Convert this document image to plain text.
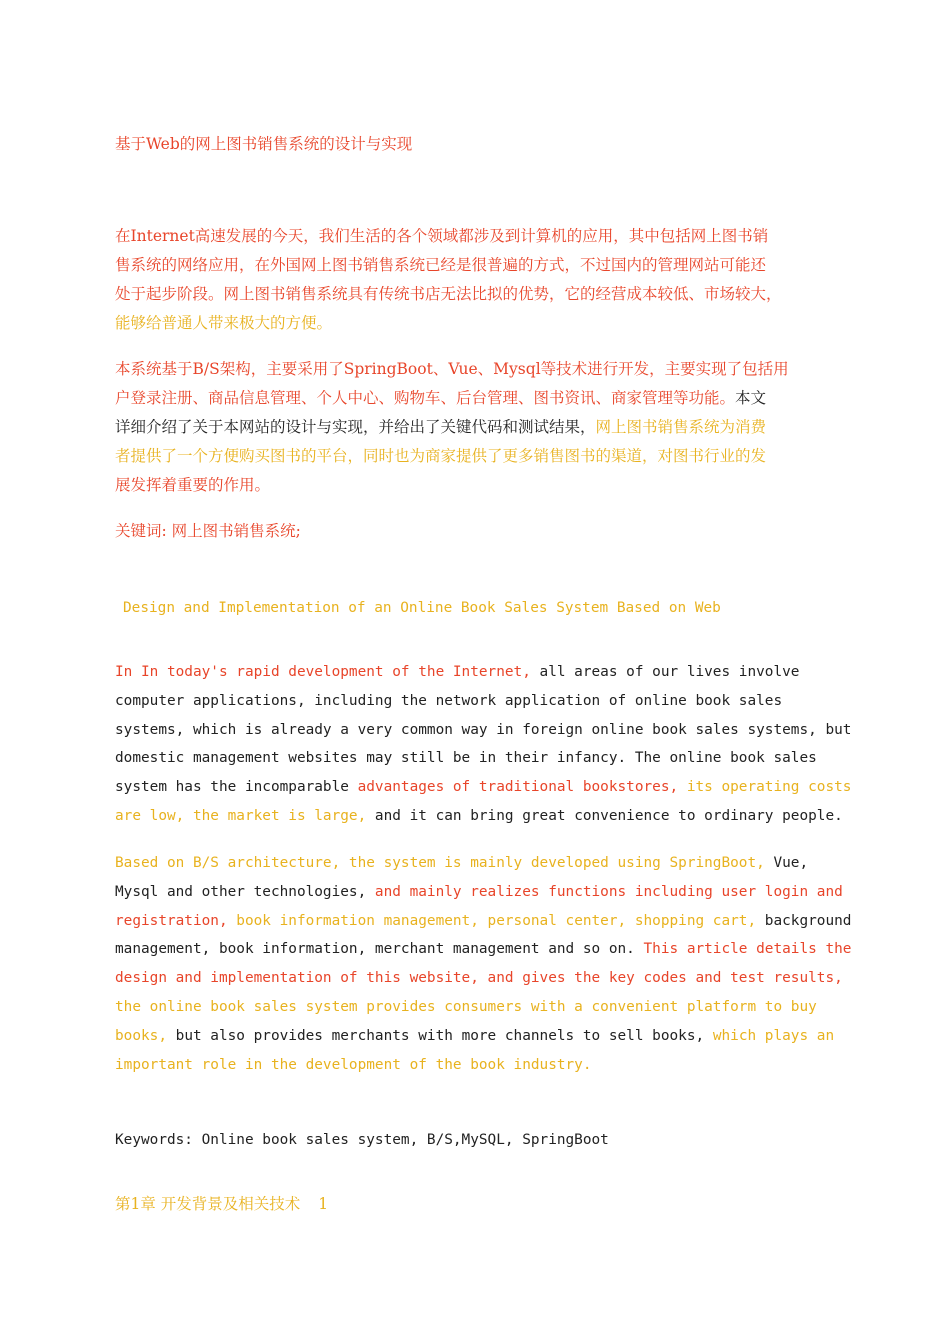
基于Web的网上图书销售系统的设计与实现
在Internet高速发展的今天，我们生活的各个领域都涉及到计算机的应用，其中包括网上图书销
售系统的网络应用，在外国网上图书销售系统已经是很普遍的方式，不过国内的管理网站可能还
处于起步阶段。网上图书销售系统具有传统书店无法比拟的优势，它的经营成本较低、市场较大，
能够给普通人带来极大的方便。
本系统基于B/S架构，主要采用了SpringBoot、Vue、Mysql等技术进行开发，主要实现了包括用
户登录注册、商品信息管理、个人中心、购物车、后台管理、图书资讯、商家管理等功能。本文
详细介绍了关于本网站的设计与实现，并给出了关键代码和测试结果，网上图书销售系统为消费
者提供了一个方便购买图书的平台，同时也为商家提供了更多销售图书的渠道，对图书行业的发
展发挥着重要的作用。
关键词: 网上图书销售系统;

Design and Implementation of an Online Book Sales System Based on Web

In In today's rapid development of the Internet, all areas of our lives involve
computer applications, including the network application of online book sales
systems, which is already a very common way in foreign online book sales systems, but
domestic management websites may still be in their infancy. The online book sales
system has the incomparable advantages of traditional bookstores, its operating costs
are low, the market is large, and it can bring great convenience to ordinary people.
Based on B/S architecture, the system is mainly developed using SpringBoot, Vue,
Mysql and other technologies, and mainly realizes functions including user login and
registration, book information management, personal center, shopping cart, background
management, book information, merchant management and so on. This article details the
design and implementation of this website, and gives the key codes and test results,
the online book sales system provides consumers with a convenient platform to buy
books, but also provides merchants with more channels to sell books, which plays an
important role in the development of the book industry.

Keywords: Online book sales system, B/S,MySQL, SpringBoot

第1章 开发背景及相关技术 1
